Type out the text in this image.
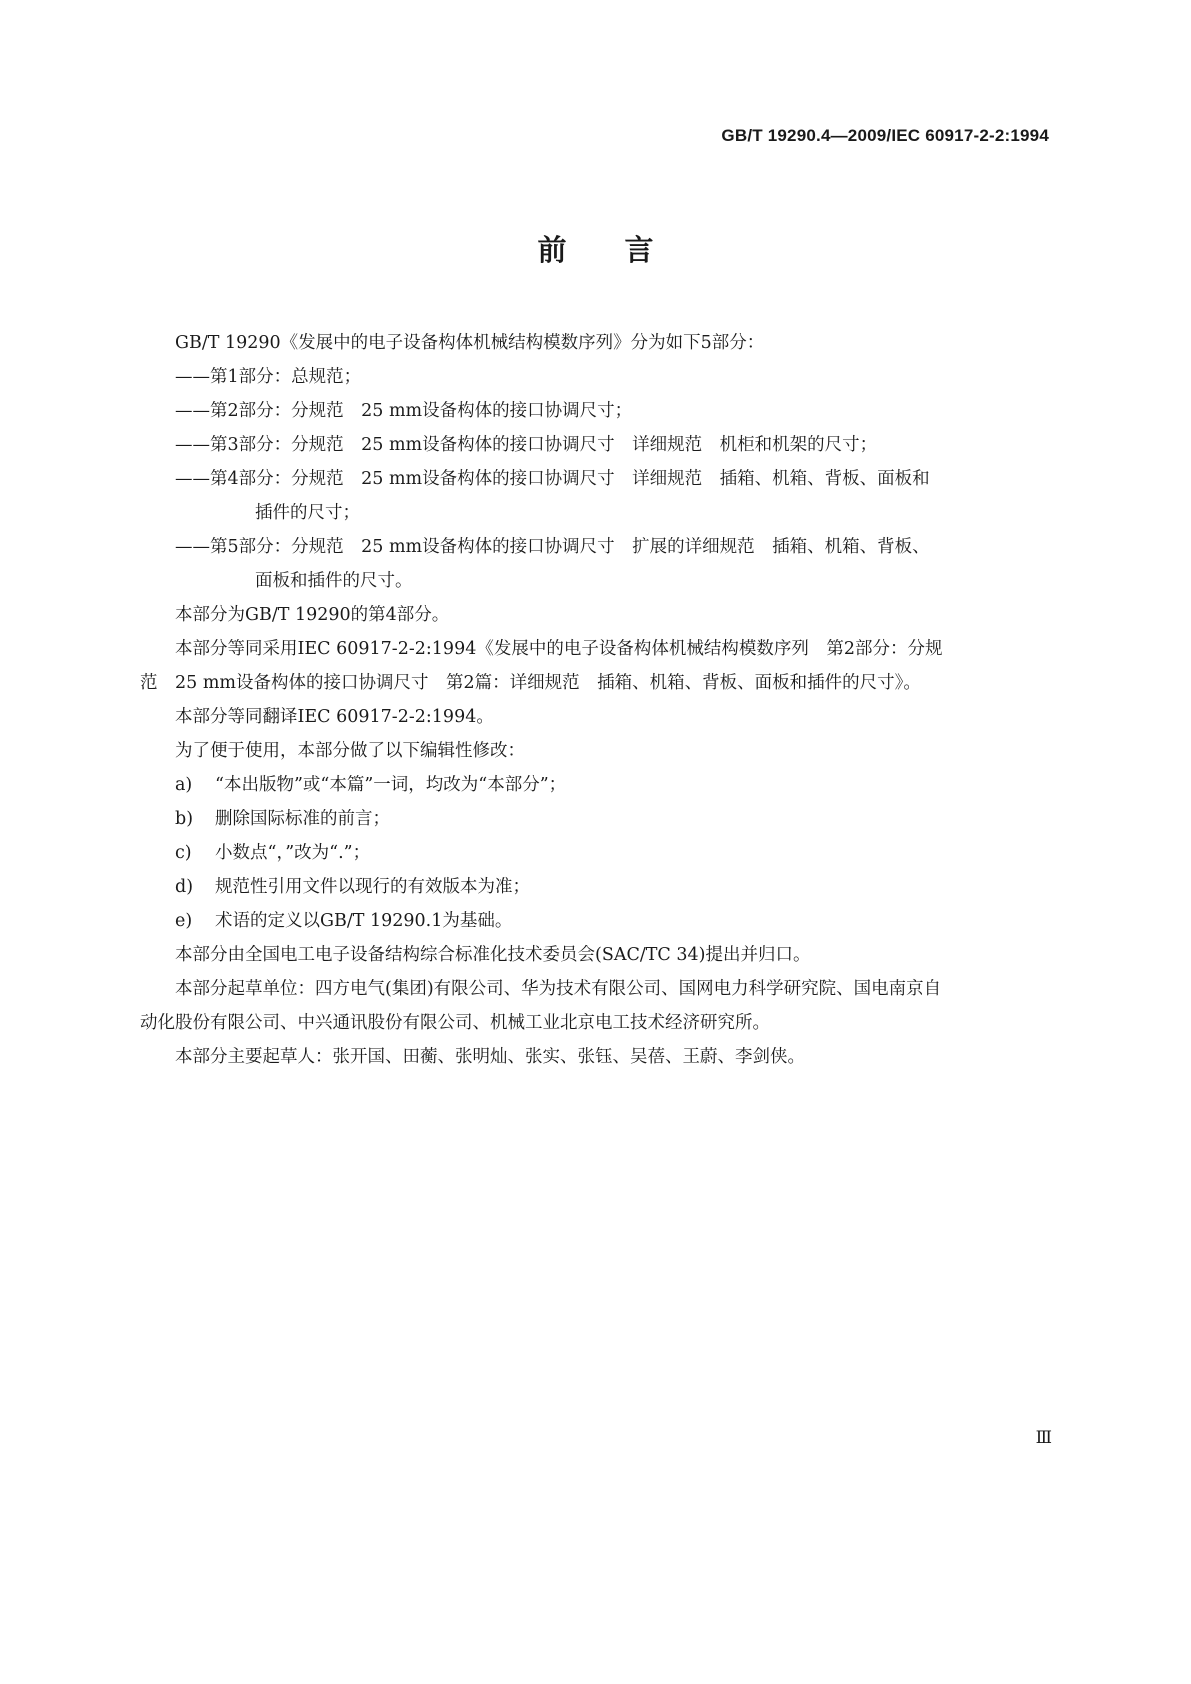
GB/T 19290.4—2009/IEC 60917-2-2:1994
前言

GB/T 19290《发展中的电子设备构体机械结构模数序列》分为如下5部分：

——第1部分：总规范；
——第2部分：分规范　25 mm设备构体的接口协调尺寸；
——第3部分：分规范　25 mm设备构体的接口协调尺寸　详细规范　机柜和机架的尺寸；
——第4部分：分规范　25 mm设备构体的接口协调尺寸　详细规范　插箱、机箱、背板、面板和
插件的尺寸；
——第5部分：分规范　25 mm设备构体的接口协调尺寸　扩展的详细规范　插箱、机箱、背板、
面板和插件的尺寸。

本部分为GB/T 19290的第4部分。

本部分等同采用IEC 60917-2-2:1994《发展中的电子设备构体机械结构模数序列　第2部分：分规

范　25 mm设备构体的接口协调尺寸　第2篇：详细规范　插箱、机箱、背板、面板和插件的尺寸》。

本部分等同翻译IEC 60917-2-2:1994。

为了便于使用，本部分做了以下编辑性修改：

a) “本出版物”或“本篇”一词，均改为“本部分”；
b) 删除国际标准的前言；
c) 小数点“，”改为“.”；
d) 规范性引用文件以现行的有效版本为准；
e) 术语的定义以GB/T 19290.1为基础。

本部分由全国电工电子设备结构综合标准化技术委员会(SAC/TC 34)提出并归口。

本部分起草单位：四方电气(集团)有限公司、华为技术有限公司、国网电力科学研究院、国电南京自

动化股份有限公司、中兴通讯股份有限公司、机械工业北京电工技术经济研究所。

本部分主要起草人：张开国、田蘅、张明灿、张实、张钰、吴蓓、王蔚、李剑侠。

Ⅲ
